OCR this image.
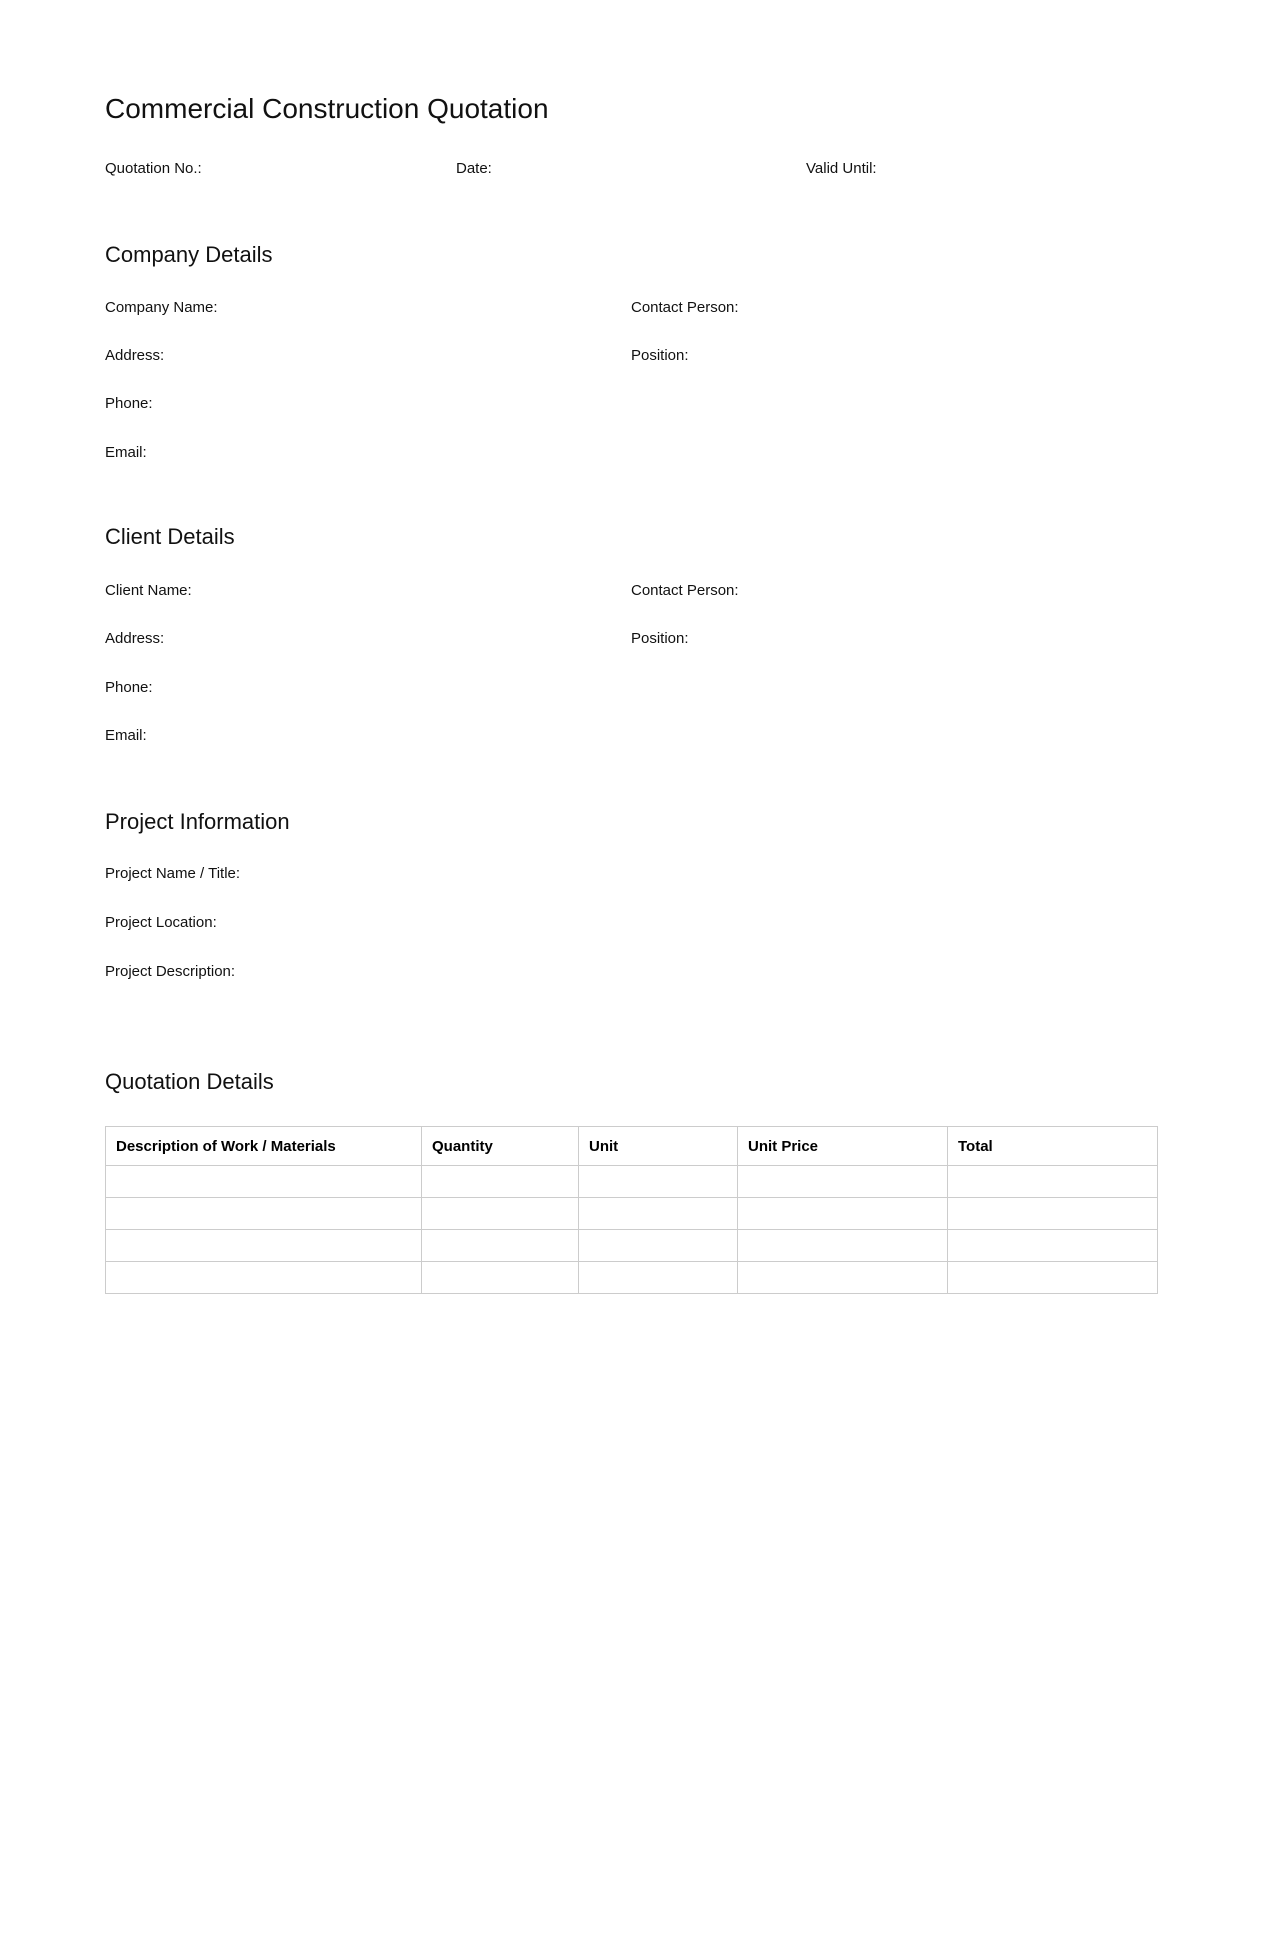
Commercial Construction Quotation
Quotation No.:	Date:	Valid Until:
Company Details
Company Name:	Contact Person:
Address:	Position:
Phone:
Email:
Client Details
Client Name:	Contact Person:
Address:	Position:
Phone:
Email:
Project Information
Project Name / Title:
Project Location:
Project Description:
Quotation Details
Description of Work / Materials	Quantity	Unit	Unit Price	Total
